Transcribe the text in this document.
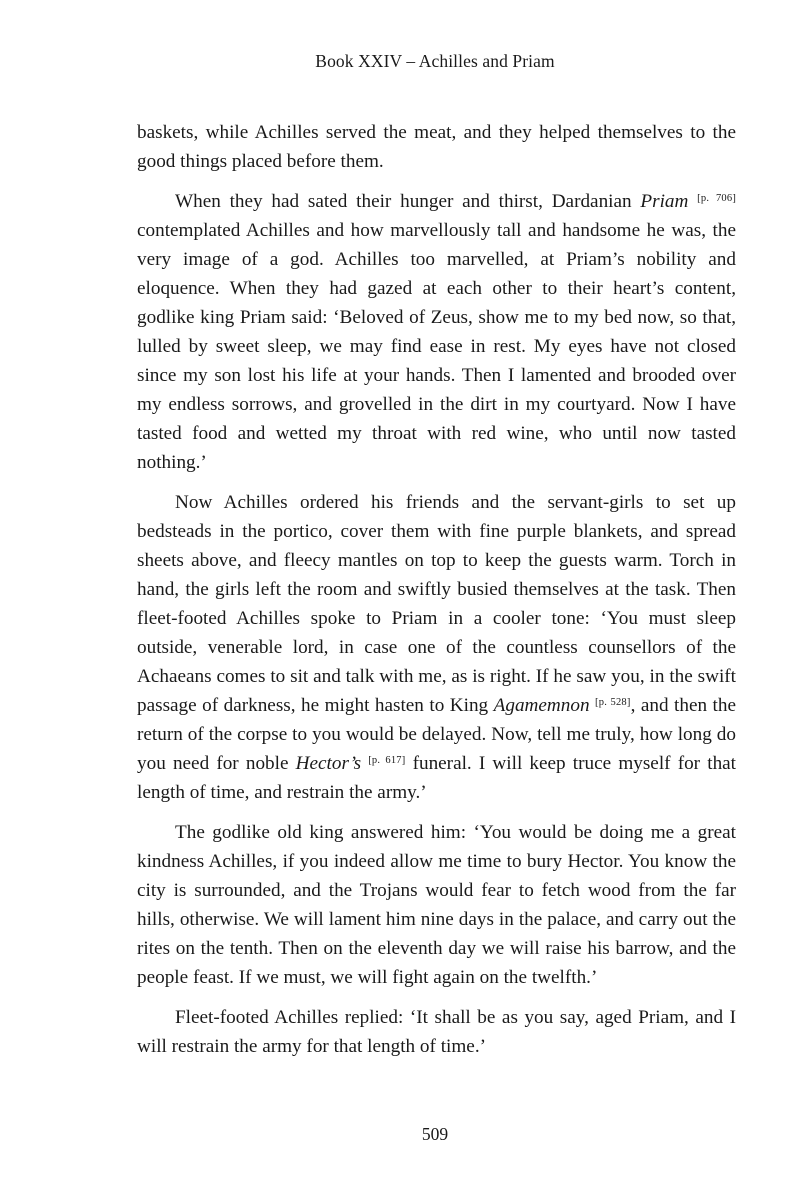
Book XXIV – Achilles and Priam

baskets, while Achilles served the meat, and they helped themselves to the good things placed before them.

When they had sated their hunger and thirst, Dardanian Priam [p. 706] contemplated Achilles and how marvellously tall and handsome he was, the very image of a god. Achilles too marvelled, at Priam’s nobility and eloquence. When they had gazed at each other to their heart’s content, godlike king Priam said: ‘Beloved of Zeus, show me to my bed now, so that, lulled by sweet sleep, we may find ease in rest. My eyes have not closed since my son lost his life at your hands. Then I lamented and brooded over my endless sorrows, and grovelled in the dirt in my courtyard. Now I have tasted food and wetted my throat with red wine, who until now tasted nothing.’

Now Achilles ordered his friends and the servant-girls to set up bedsteads in the portico, cover them with fine purple blankets, and spread sheets above, and fleecy mantles on top to keep the guests warm. Torch in hand, the girls left the room and swiftly busied themselves at the task. Then fleet-footed Achilles spoke to Priam in a cooler tone: ‘You must sleep outside, venerable lord, in case one of the countless counsellors of the Achaeans comes to sit and talk with me, as is right. If he saw you, in the swift passage of darkness, he might hasten to King Agamemnon [p. 528], and then the return of the corpse to you would be delayed. Now, tell me truly, how long do you need for noble Hector’s [p. 617] funeral. I will keep truce myself for that length of time, and restrain the army.’

The godlike old king answered him: ‘You would be doing me a great kindness Achilles, if you indeed allow me time to bury Hector. You know the city is surrounded, and the Trojans would fear to fetch wood from the far hills, otherwise. We will lament him nine days in the palace, and carry out the rites on the tenth. Then on the eleventh day we will raise his barrow, and the people feast. If we must, we will fight again on the twelfth.’

Fleet-footed Achilles replied: ‘It shall be as you say, aged Priam, and I will restrain the army for that length of time.’

509
